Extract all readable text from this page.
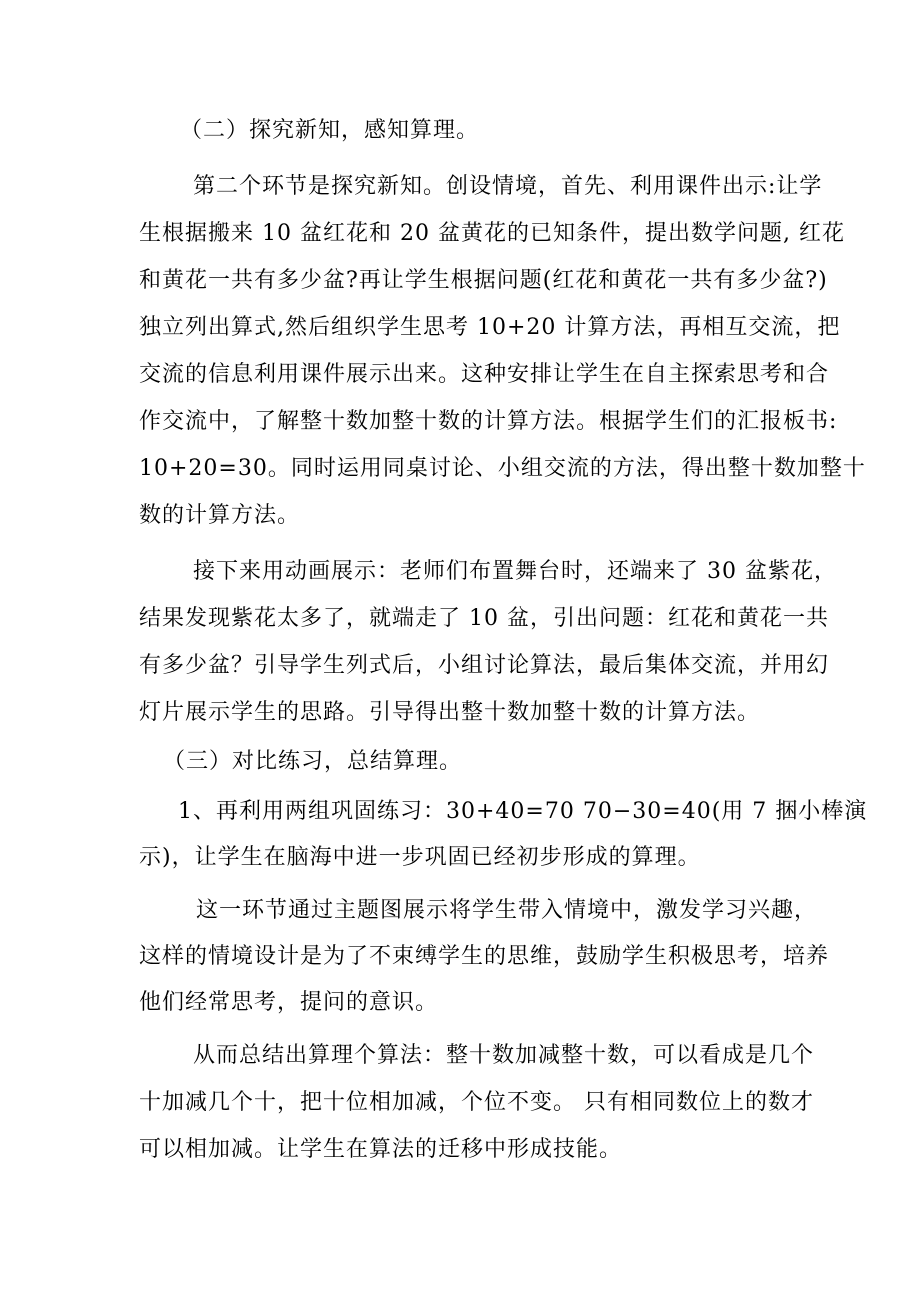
（二）探究新知，感知算理。
第二个环节是探究新知。创设情境，首先、利用课件出示:让学
生根据搬来 10 盆红花和 20 盆黄花的已知条件，提出数学问题, 红花
和黄花一共有多少盆?再让学生根据问题(红花和黄花一共有多少盆?)
独立列出算式,然后组织学生思考 10+20 计算方法，再相互交流，把
交流的信息利用课件展示出来。这种安排让学生在自主探索思考和合
作交流中，了解整十数加整十数的计算方法。根据学生们的汇报板书:
10+20=30。同时运用同桌讨论、小组交流的方法，得出整十数加整十
数的计算方法。
接下来用动画展示：老师们布置舞台时，还端来了 30 盆紫花，
结果发现紫花太多了，就端走了 10 盆，引出问题：红花和黄花一共
有多少盆？引导学生列式后，小组讨论算法，最后集体交流，并用幻
灯片展示学生的思路。引导得出整十数加整十数的计算方法。
（三）对比练习，总结算理。
1、再利用两组巩固练习：30+40=70 70−30=40(用 7 捆小棒演
示)，让学生在脑海中进一步巩固已经初步形成的算理。
这一环节通过主题图展示将学生带入情境中，激发学习兴趣，
这样的情境设计是为了不束缚学生的思维，鼓励学生积极思考，培养
他们经常思考，提问的意识。
从而总结出算理个算法：整十数加减整十数，可以看成是几个
十加减几个十，把十位相加减，个位不变。 只有相同数位上的数才
可以相加减。让学生在算法的迁移中形成技能。
